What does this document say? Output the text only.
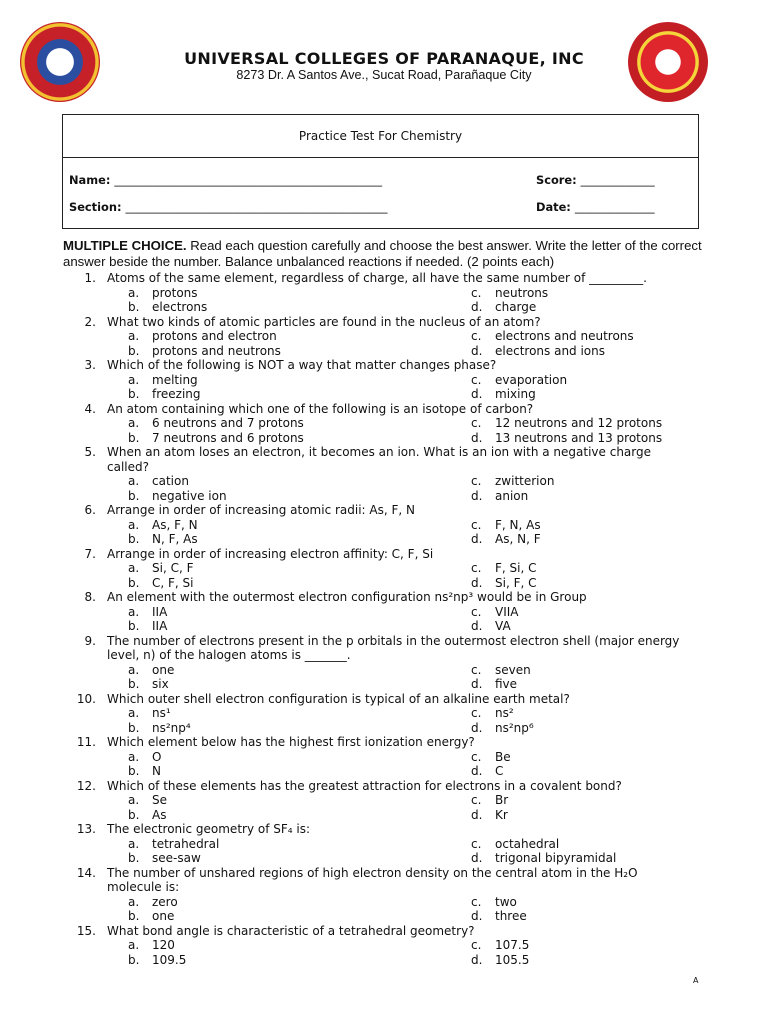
UC	UNIVERSAL COLLEGES OF PARANAQUE, INC
8273 Dr. A Santos Ave., Sucat Road, Parañaque City
Practice Test For Chemistry
Name: _______________________________________________	Score: _____________
Section: ______________________________________________	Date: ______________
MULTIPLE CHOICE. Read each question carefully and choose the best answer. Write the letter of the correct answer beside the number. Balance unbalanced reactions if needed. (2 points each)
1. Atoms of the same element, regardless of charge, all have the same number of _________.
a.	protons	c.	neutrons
b.	electrons	d.	charge
2. What two kinds of atomic particles are found in the nucleus of an atom?
a.	protons and electron	c.	electrons and neutrons
b.	protons and neutrons	d.	electrons and ions
3. Which of the following is NOT a way that matter changes phase?
a.	melting	c.	evaporation
b.	freezing	d.	mixing
4. An atom containing which one of the following is an isotope of carbon?
a.	6 neutrons and 7 protons	c.	12 neutrons and 12 protons
b.	7 neutrons and 6 protons	d.	13 neutrons and 13 protons
5. When an atom loses an electron, it becomes an ion. What is an ion with a negative charge
called?
a.	cation	c.	zwitterion
b.	negative ion	d.	anion
6. Arrange in order of increasing atomic radii: As, F, N
a.	As, F, N	c.	F, N, As
b.	N, F, As	d.	As, N, F
7. Arrange in order of increasing electron affinity: C, F, Si
a.	Si, C, F	c.	F, Si, C
b.	C, F, Si	d.	Si, F, C
8. An element with the outermost electron configuration ns²np³ would be in Group
a.	IIA	c.	VIIA
b.	IIA	d.	VA
9. The number of electrons present in the p orbitals in the outermost electron shell (major energy
level, n) of the halogen atoms is _______.
a.	one	c.	seven
b.	six	d.	five
10. Which outer shell electron configuration is typical of an alkaline earth metal?
a.	ns¹	c.	ns²
b.	ns²np⁴	d.	ns²np⁶
11. Which element below has the highest first ionization energy?
a.	O	c.	Be
b.	N	d.	C
12. Which of these elements has the greatest attraction for electrons in a covalent bond?
a.	Se	c.	Br
b.	As	d.	Kr
13. The electronic geometry of SF₄ is:
a.	tetrahedral	c.	octahedral
b.	see-saw	d.	trigonal bipyramidal
14. The number of unshared regions of high electron density on the central atom in the H₂O
molecule is:
a.	zero	c.	two
b.	one	d.	three
15. What bond angle is characteristic of a tetrahedral geometry?
a.	120	c.	107.5
b.	109.5	d.	105.5
A
